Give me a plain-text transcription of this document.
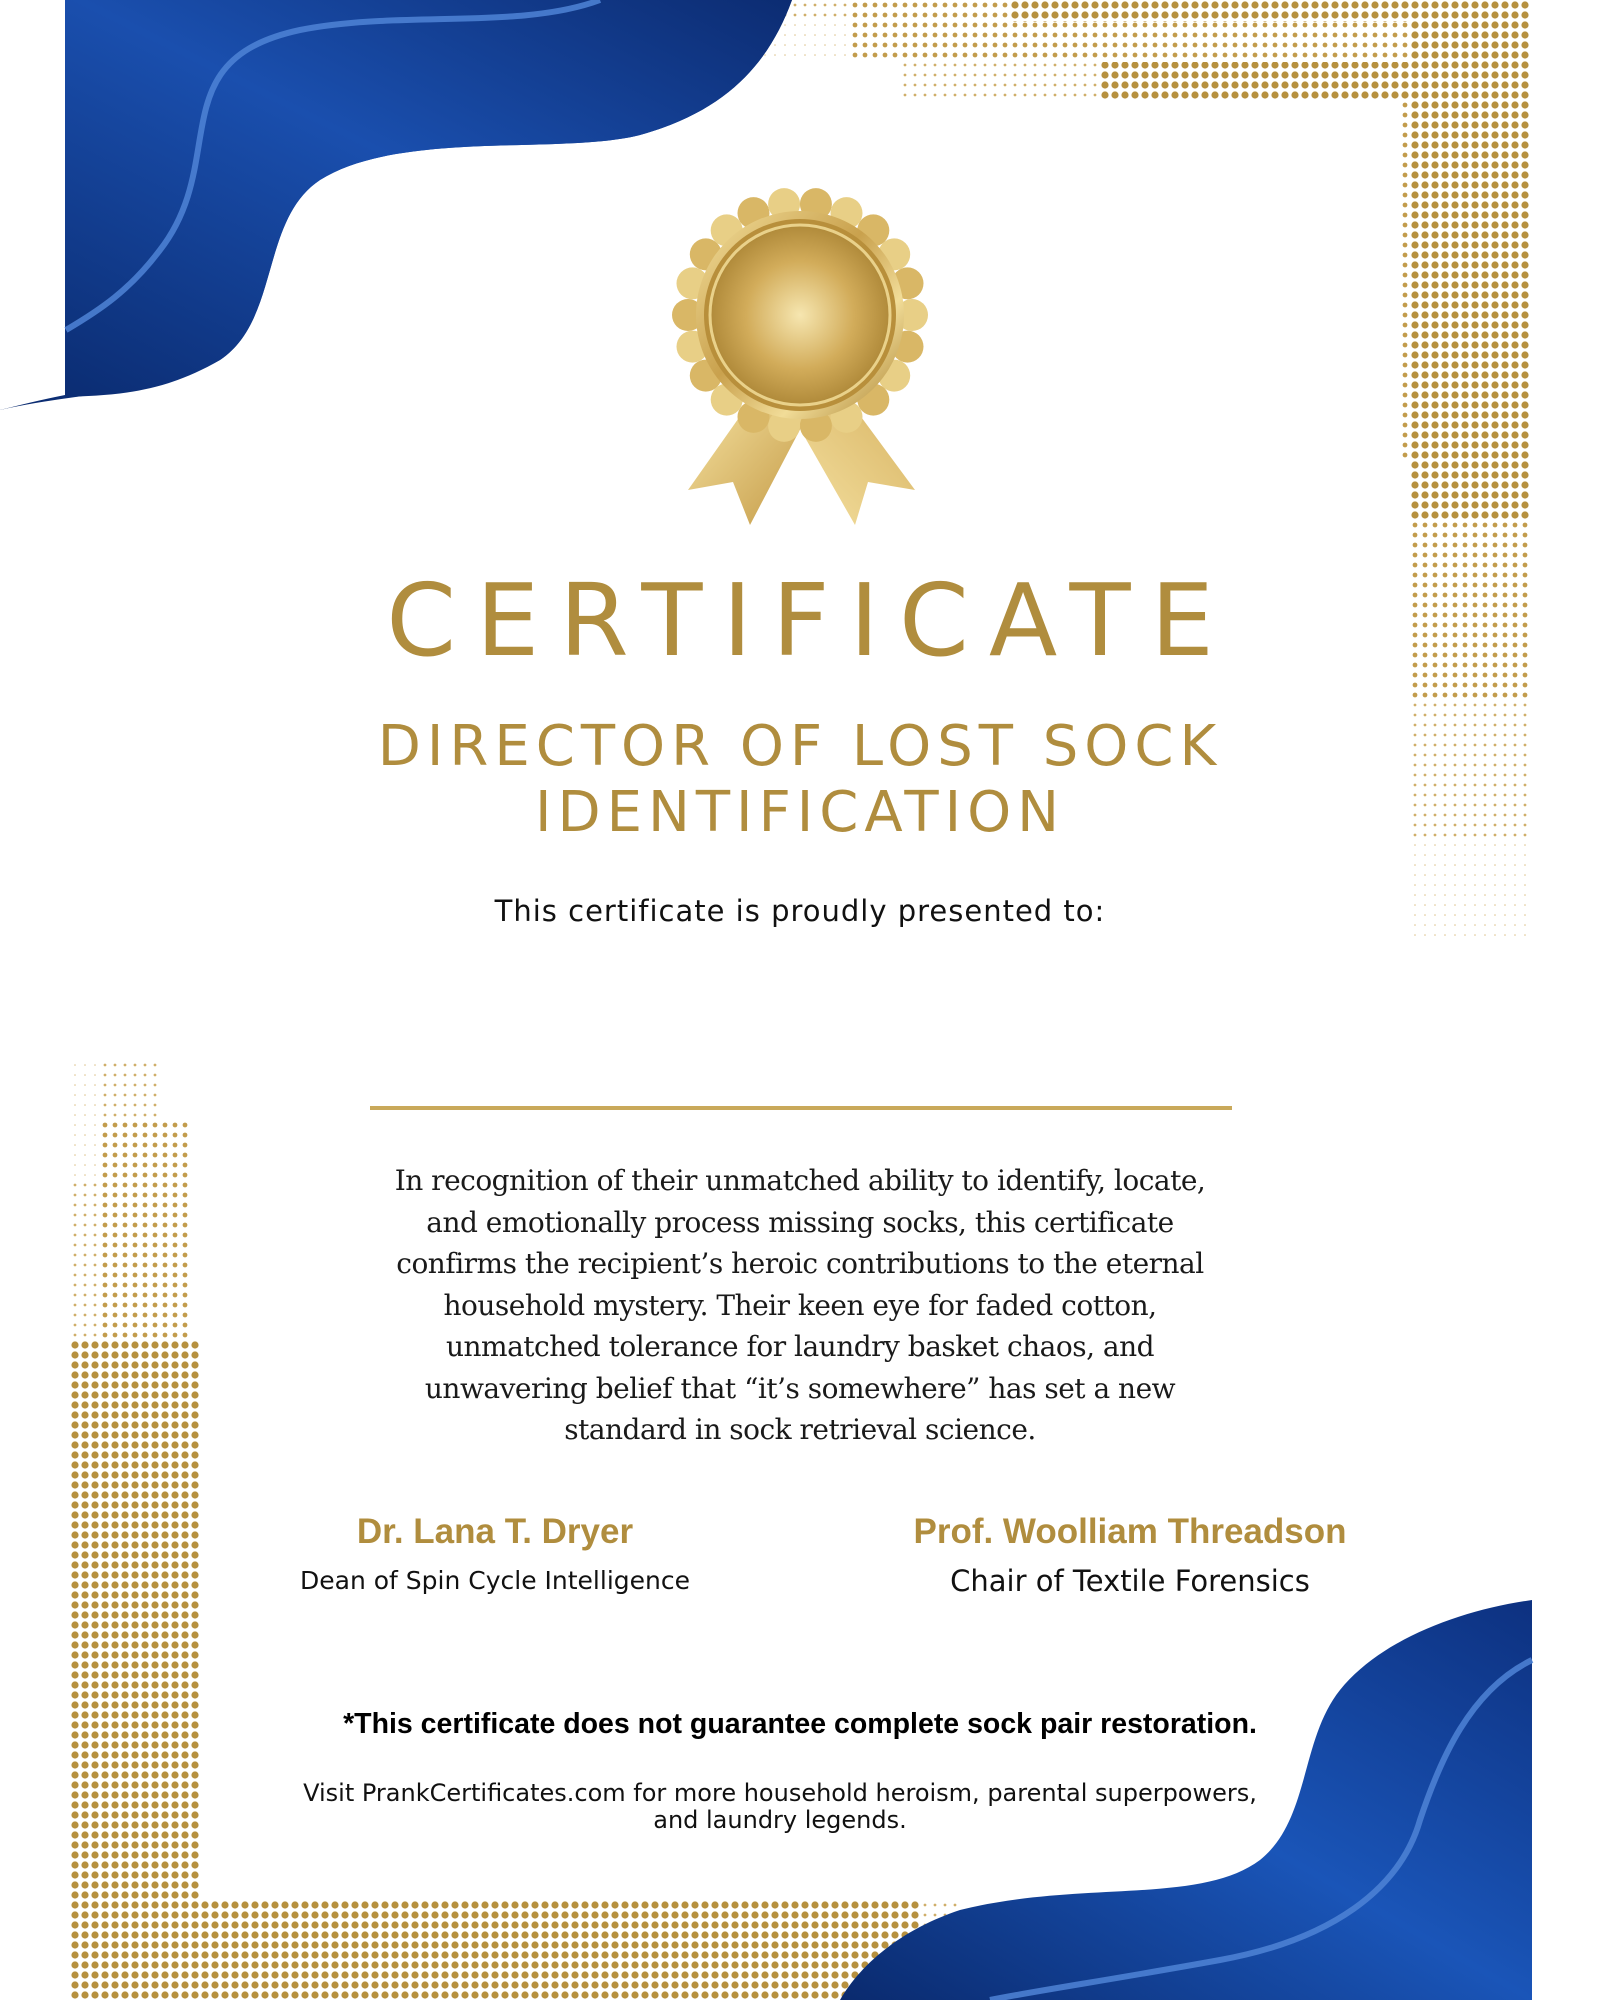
CERTIFICATE
DIRECTOR OF LOST SOCK
IDENTIFICATION
This certificate is proudly presented to:
In recognition of their unmatched ability to identify, locate, and emotionally process missing socks, this certificate confirms the recipient’s heroic contributions to the eternal household mystery. Their keen eye for faded cotton, unmatched tolerance for laundry basket chaos, and unwavering belief that “it’s somewhere” has set a new standard in sock retrieval science.
Dr. Lana T. Dryer
Dean of Spin Cycle Intelligence
Prof. Woolliam Threadson
Chair of Textile Forensics
*This certificate does not guarantee complete sock pair restoration.
Visit PrankCertificates.com for more household heroism, parental superpowers,
and laundry legends.
